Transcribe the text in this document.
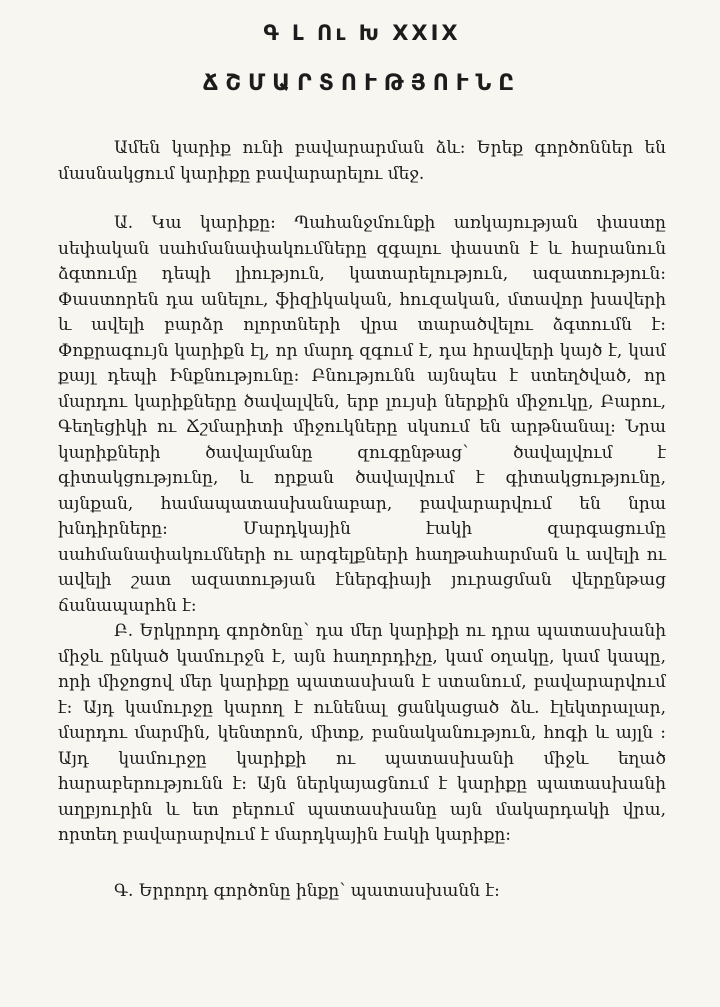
Գ Լ Ու Խ XXIX
ՃՇՄԱՐՏՈՒԹՅՈՒՆԸ

Ամեն կարիք ունի բավարարման ձև: Երեք գործոններ են մասնակցում կարիքը բավարարելու մեջ.

Ա. Կա կարիքը: Պահանջմունքի առկայության փաստը սեփական սահմանափակումները զգալու փաստն է և հարանուն ձգտումը դեպի լիություն, կատարելություն, ազատություն: Փաստորեն դա անելու, ֆիզիկական, հուզական, մտավոր խավերի և ավելի բարձր ոլորտների վրա տարածվելու ձգտումն է: Փոքրագույն կարիքն էլ, որ մարդ զգում է, դա հրավերի կայծ է, կամ քայլ դեպի Ինքնությունը: Բնությունն այնպես է ստեղծված, որ մարդու կարիքները ծավալվեն, երբ լույսի ներքին միջուկը, Բարու, Գեղեցիկի ու Ճշմարիտի միջուկները սկսում են արթնանալ: Նրա կարիքների ծավալմանը զուգընթաց՝ ծավալվում է գիտակցությունը, և որքան ծավալվում է գիտակցությունը, այնքան, համապատասխանաբար, բավարարվում են նրա խնդիրները: Մարդկային էակի զարգացումը սահմանափակումների ու արգելքների հաղթահարման և ավելի ու ավելի շատ ազատության էներգիայի յուրացման վերընթաց ճանապարհն է:

Բ. Երկրորդ գործոնը՝ դա մեր կարիքի ու դրա պատասխանի միջև ընկած կամուրջն է, այն հաղորդիչը, կամ օղակը, կամ կապը, որի միջոցով մեր կարիքը պատասխան է ստանում, բավարարվում է: Այդ կամուրջը կարող է ունենալ ցանկացած ձև. էլեկտրալար, մարդու մարմին, կենտրոն, միտք, բանականություն, հոգի և այլն : Այդ կամուրջը կարիքի ու պատասխանի միջև եղած հարաբերությունն է: Այն ներկայացնում է կարիքը պատասխանի աղբյուրին և ետ բերում պատասխանը այն մակարդակի վրա, որտեղ բավարարվում է մարդկային էակի կարիքը:

Գ. Երրորդ գործոնը ինքը՝ պատասխանն է:
